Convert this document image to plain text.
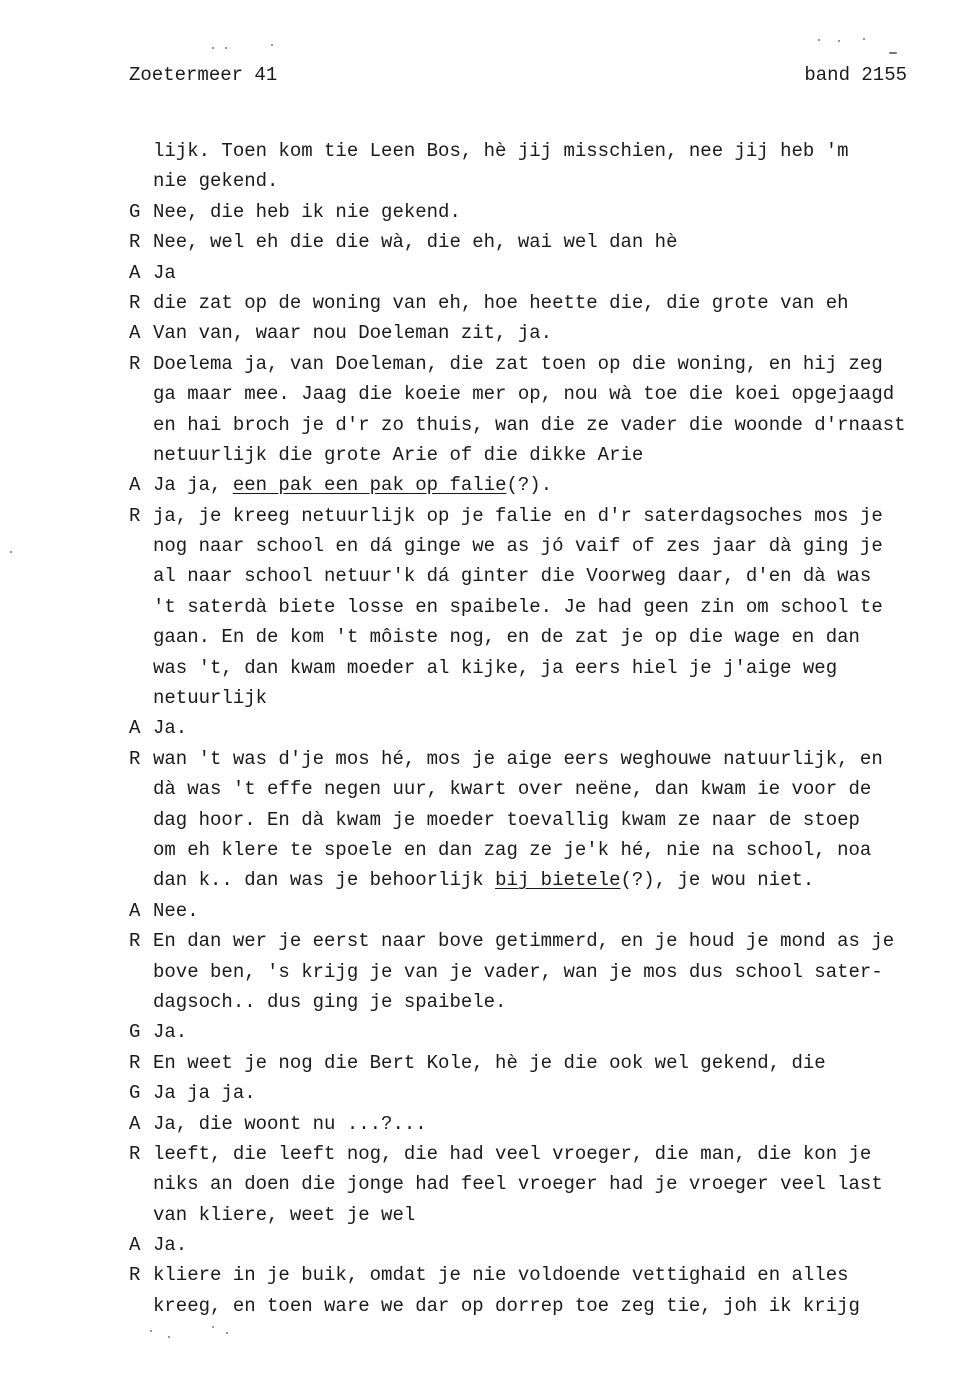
Zoetermeer 41	band 2155
lijk. Toen kom tie Leen Bos, hè jij misschien, nee jij heb 'm
nie gekend.
G Nee, die heb ik nie gekend.
R Nee, wel eh die die wà, die eh, wai wel dan hè
A Ja
R die zat op de woning van eh, hoe heette die, die grote van eh
A Van van, waar nou Doeleman zit, ja.
R Doelema ja, van Doeleman, die zat toen op die woning, en hij zeg
ga maar mee. Jaag die koeie mer op, nou wà toe die koei opgejaagd
en hai broch je d'r zo thuis, wan die ze vader die woonde d'rnaast
netuurlijk die grote Arie of die dikke Arie
A Ja ja, een pak een pak op falie(?).
R ja, je kreeg netuurlijk op je falie en d'r saterdagsoches mos je
nog naar school en dá ginge we as jó vaif of zes jaar dà ging je
al naar school netuur'k dá ginter die Voorweg daar, d'en dà was
't saterdà biete losse en spaibele. Je had geen zin om school te
gaan. En de kom 't môiste nog, en de zat je op die wage en dan
was 't, dan kwam moeder al kijke, ja eers hiel je j'aige weg
netuurlijk
A Ja.
R wan 't was d'je mos hé, mos je aige eers weghouwe natuurlijk, en
dà was 't effe negen uur, kwart over neëne, dan kwam ie voor de
dag hoor. En dà kwam je moeder toevallig kwam ze naar de stoep
om eh klere te spoele en dan zag ze je'k hé, nie na school, noa
dan k.. dan was je behoorlijk bij bietele(?), je wou niet.
A Nee.
R En dan wer je eerst naar bove getimmerd, en je houd je mond as je
bove ben, 's krijg je van je vader, wan je mos dus school sater-
dagsoch.. dus ging je spaibele.
G Ja.
R En weet je nog die Bert Kole, hè je die ook wel gekend, die
G Ja ja ja.
A Ja, die woont nu ...?...
R leeft, die leeft nog, die had veel vroeger, die man, die kon je
niks an doen die jonge had feel vroeger had je vroeger veel last
van kliere, weet je wel
A Ja.
R kliere in je buik, omdat je nie voldoende vettighaid en alles
kreeg, en toen ware we dar op dorrep toe zeg tie, joh ik krijg
